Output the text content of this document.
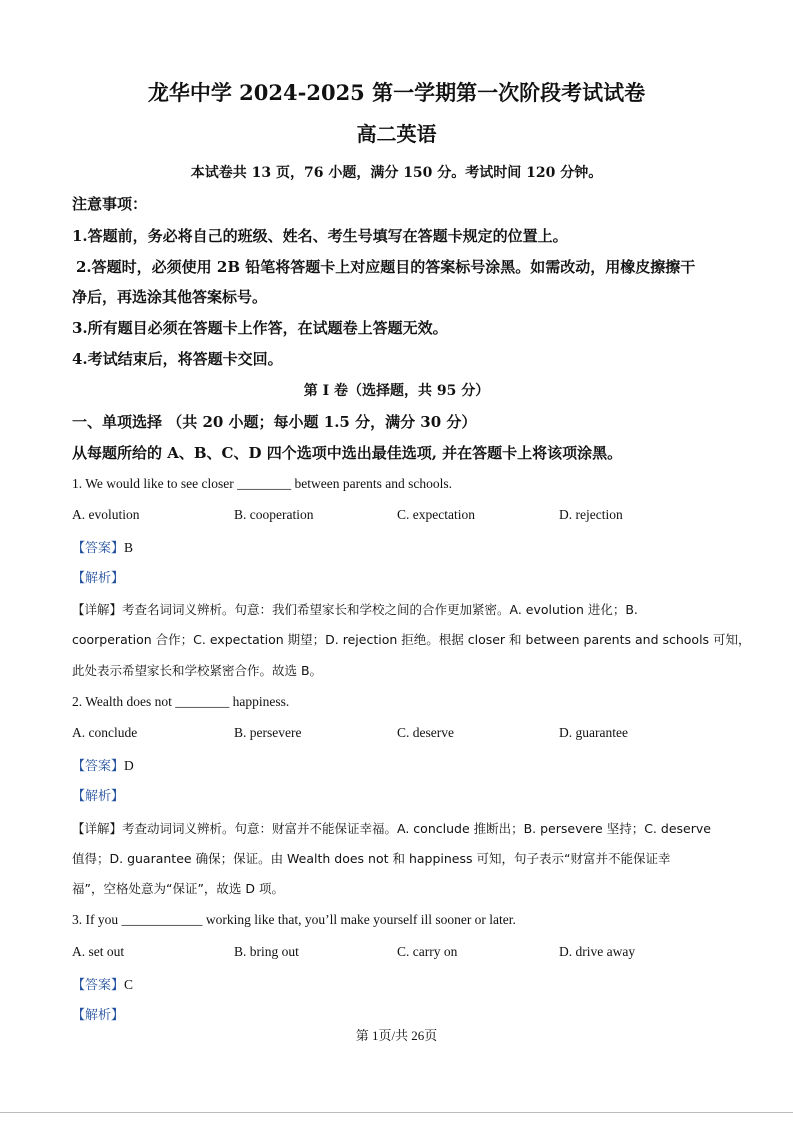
龙华中学 2024-2025 第一学期第一次阶段考试试卷
高二英语
本试卷共 13 页，76 小题，满分 150 分。考试时间 120 分钟。
注意事项：
1.答题前，务必将自己的班级、姓名、考生号填写在答题卡规定的位置上。
2.答题时，必须使用 2B 铅笔将答题卡上对应题目的答案标号涂黑。如需改动，用橡皮擦擦干
净后，再选涂其他答案标号。
3.所有题目必须在答题卡上作答，在试题卷上答题无效。
4.考试结束后，将答题卡交回。
第 I 卷（选择题，共 95 分）
一、单项选择 （共 20 小题；每小题 1.5 分，满分 30 分）
从每题所给的 A、B、C、D 四个选项中选出最佳选项, 并在答题卡上将该项涂黑。
1. We would like to see closer ________ between parents and schools.
A. evolution	B. cooperation	C. expectation	D. rejection
【答案】B
【解析】
【详解】考查名词词义辨析。句意：我们希望家长和学校之间的合作更加紧密。A. evolution 进化；B.
coorperation 合作；C. expectation 期望；D. rejection 拒绝。根据 closer 和 between parents and schools 可知，
此处表示希望家长和学校紧密合作。故选 B。
2. Wealth does not ________ happiness.
A. conclude	B. persevere	C. deserve	D. guarantee
【答案】D
【解析】
【详解】考查动词词义辨析。句意：财富并不能保证幸福。A. conclude 推断出；B. persevere 坚持；C. deserve
值得；D. guarantee 确保；保证。由 Wealth does not 和 happiness 可知，句子表示“财富并不能保证幸
福”，空格处意为“保证”，故选 D 项。
3. If you ____________ working like that, you’ll make yourself ill sooner or later.
A. set out	B. bring out	C. carry on	D. drive away
【答案】C
【解析】
第 1页/共 26页
